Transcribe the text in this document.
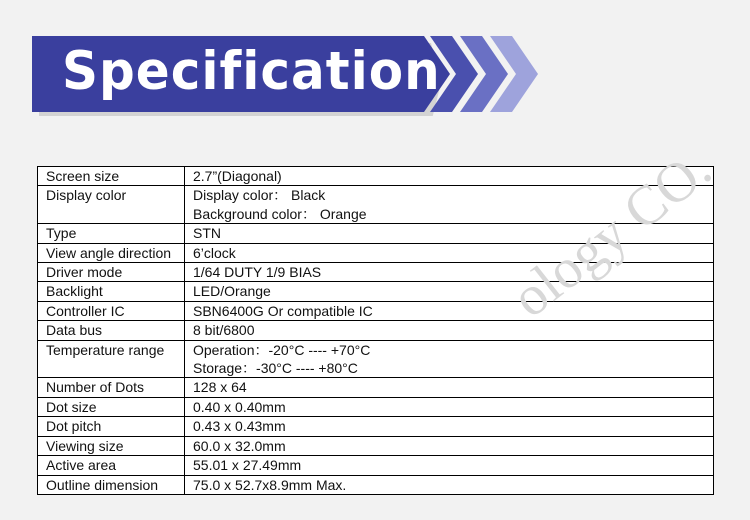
Specification
ology CO.
Screen size	2.7”(Diagonal)

Display color	Display color： Black
Background color： Orange

Type	STN

View angle direction	6’clock

Driver mode	1/64 DUTY 1/9 BIAS

Backlight	LED/Orange

Controller IC	SBN6400G Or compatible IC

Data bus	8 bit/6800

Temperature range	Operation：-20°C ---- +70°C
Storage：-30°C ---- +80°C

Number of Dots	128 x 64

Dot size	0.40 x 0.40mm

Dot pitch	0.43 x 0.43mm

Viewing size	60.0 x 32.0mm

Active area	55.01 x 27.49mm

Outline dimension	75.0 x 52.7x8.9mm Max.
